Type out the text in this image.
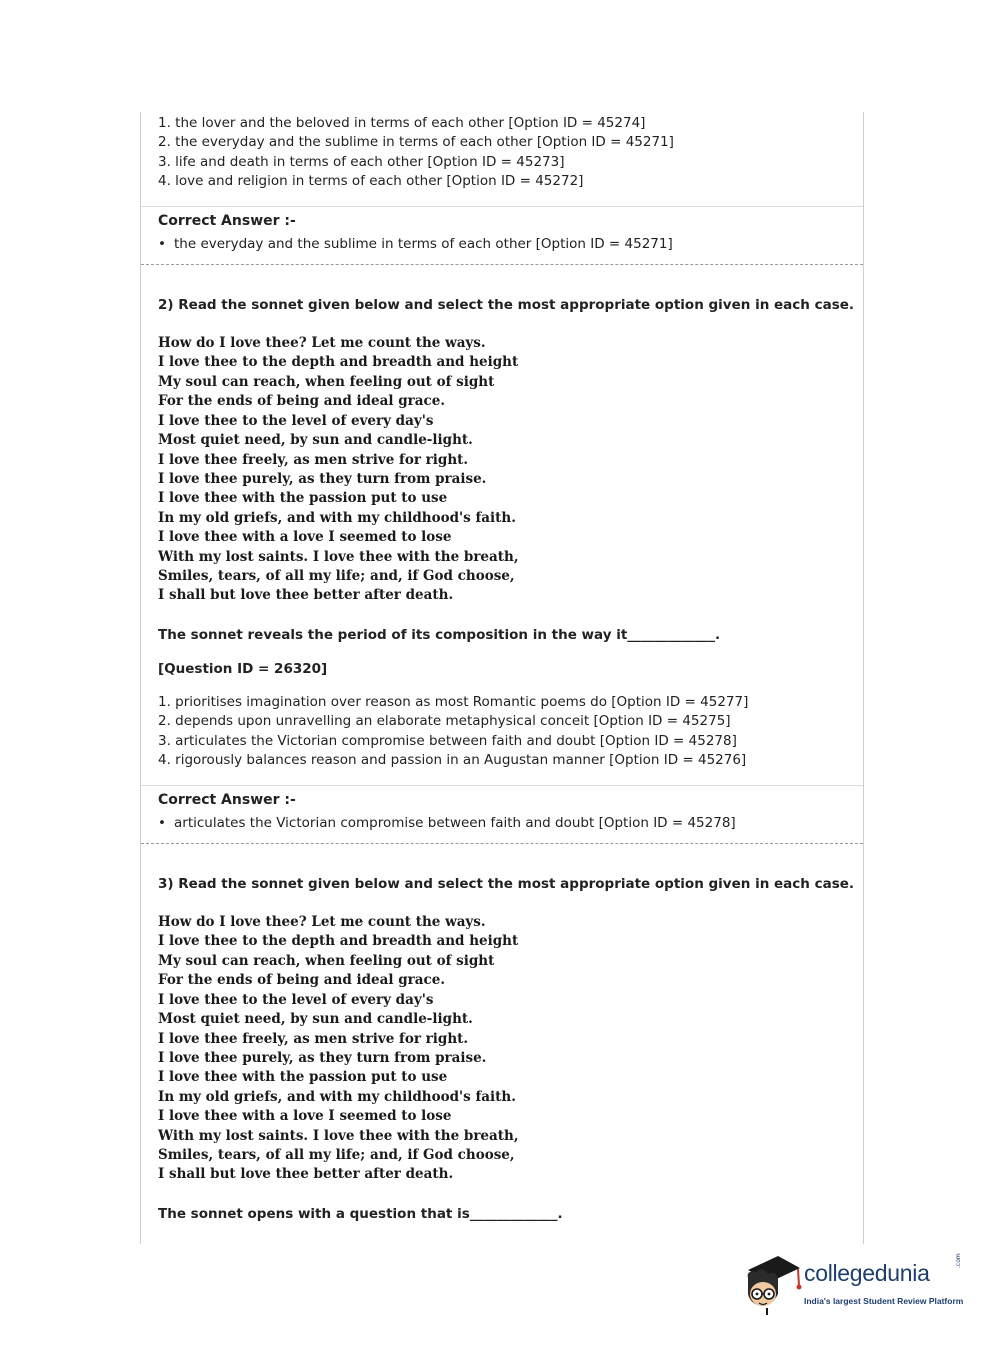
1. the lover and the beloved in terms of each other [Option ID = 45274]
2. the everyday and the sublime in terms of each other [Option ID = 45271]
3. life and death in terms of each other [Option ID = 45273]
4. love and religion in terms of each other [Option ID = 45272]
Correct Answer :-
• the everyday and the sublime in terms of each other [Option ID = 45271]
2) Read the sonnet given below and select the most appropriate option given in each case.
How do I love thee? Let me count the ways.
I love thee to the depth and breadth and height
My soul can reach, when feeling out of sight
For the ends of being and ideal grace.
I love thee to the level of every day's
Most quiet need, by sun and candle-light.
I love thee freely, as men strive for right.
I love thee purely, as they turn from praise.
I love thee with the passion put to use
In my old griefs, and with my childhood's faith.
I love thee with a love I seemed to lose
With my lost saints. I love thee with the breath,
Smiles, tears, of all my life; and, if God choose,
I shall but love thee better after death.
The sonnet reveals the period of its composition in the way it_____________.
[Question ID = 26320]
1. prioritises imagination over reason as most Romantic poems do [Option ID = 45277]
2. depends upon unravelling an elaborate metaphysical conceit [Option ID = 45275]
3. articulates the Victorian compromise between faith and doubt [Option ID = 45278]
4. rigorously balances reason and passion in an Augustan manner [Option ID = 45276]
Correct Answer :-
• articulates the Victorian compromise between faith and doubt [Option ID = 45278]
3) Read the sonnet given below and select the most appropriate option given in each case.
How do I love thee? Let me count the ways.
I love thee to the depth and breadth and height
My soul can reach, when feeling out of sight
For the ends of being and ideal grace.
I love thee to the level of every day's
Most quiet need, by sun and candle-light.
I love thee freely, as men strive for right.
I love thee purely, as they turn from praise.
I love thee with the passion put to use
In my old griefs, and with my childhood's faith.
I love thee with a love I seemed to lose
With my lost saints. I love thee with the breath,
Smiles, tears, of all my life; and, if God choose,
I shall but love thee better after death.
The sonnet opens with a question that is_____________.
collegedunia	.com
India's largest Student Review Platform
